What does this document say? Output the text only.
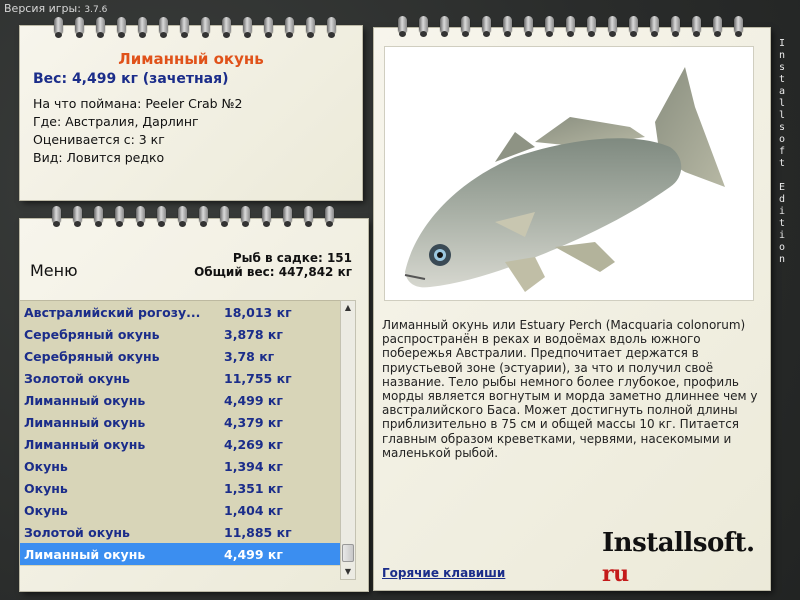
Версия игры: 3.7.6
Лиманный окунь
Вес: 4,499 кг (зачетная)
На что поймана: Peeler Crab №2
Где: Австралия, Дарлинг
Оценивается с: 3 кг
Вид: Ловится редко
Меню
Рыб в садке: 151
Общий вес: 447,842 кг
Австралийский рогозу...	18,013 кг
Серебряный окунь	3,878 кг
Серебряный окунь	3,78 кг
Золотой окунь	11,755 кг
Лиманный окунь	4,499 кг
Лиманный окунь	4,379 кг
Лиманный окунь	4,269 кг
Окунь	1,394 кг
Окунь	1,351 кг
Окунь	1,404 кг
Золотой окунь	11,885 кг
Лиманный окунь	4,499 кг
▲
▼
Лиманный окунь или Estuary Perch (Macquaria colonorum) распространён в реках и водоёмах вдоль южного побережья Австралии. Предпочитает держатся в приустьевой зоне (эстуарии), за что и получил своё название. Тело рыбы немного более глубокое, профиль морды является вогнутым и морда заметно длиннее чем у австралийского Баса. Может достигнуть полной длины приблизительно в 75 см и общей массы 10 кг. Питается главным образом креветками, червями, насекомыми и маленькой рыбой.
Installsoft. ru
Горячие клавиши
I
n
s
t
a
l
l
s
o
f
t

E
d
i
t
i
o
n
